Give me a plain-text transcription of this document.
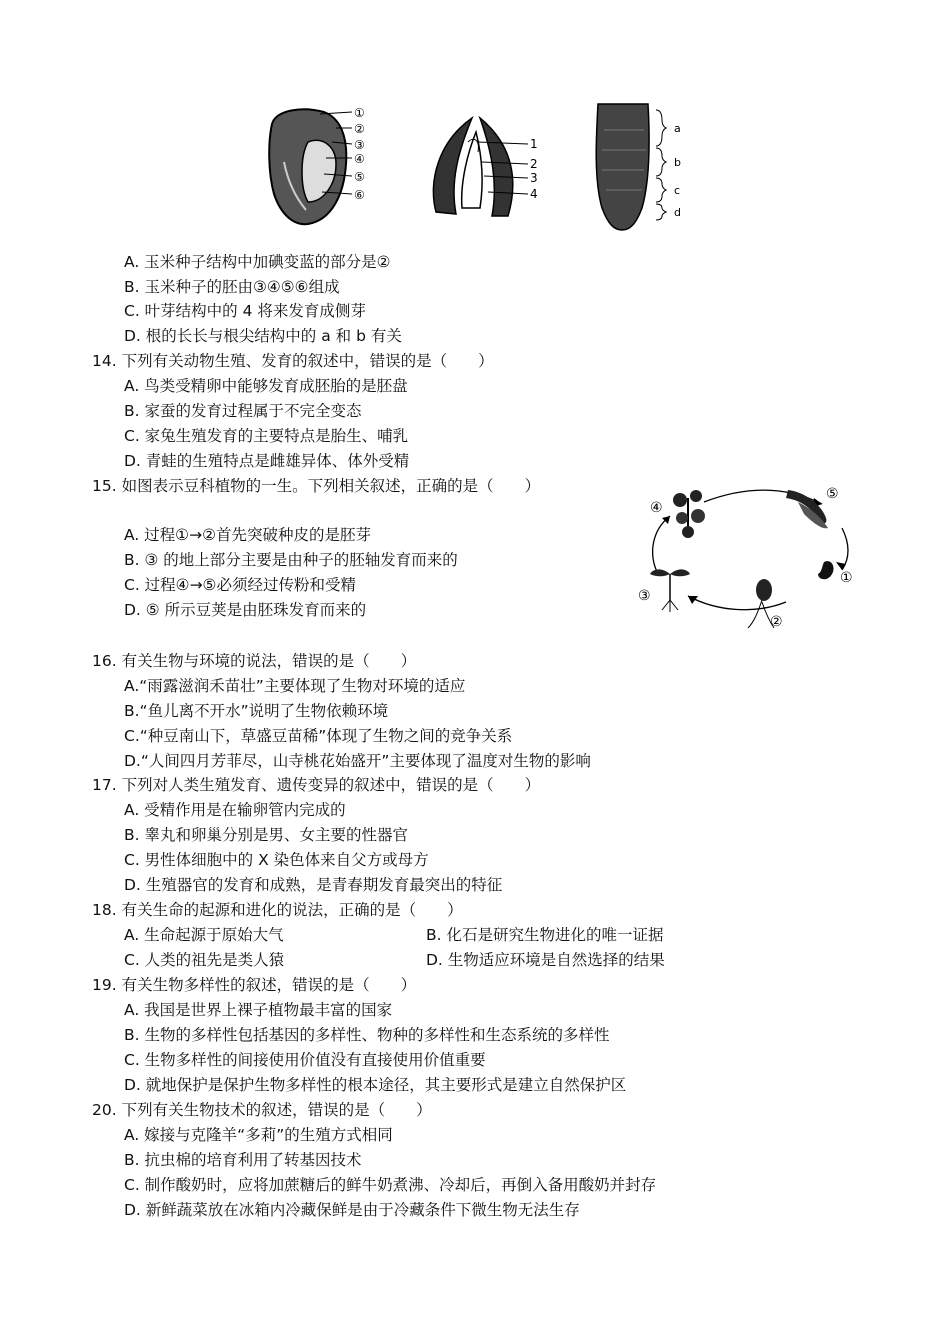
①
②
③
④
⑤
⑥
1
2
3
4
a
b
c
d
④
⑤
①
②
③
A. 玉米种子结构中加碘变蓝的部分是②
B. 玉米种子的胚由③④⑤⑥组成
C. 叶芽结构中的 4 将来发育成侧芽
D. 根的长长与根尖结构中的 a 和 b 有关
14. 下列有关动物生殖、发育的叙述中，错误的是（　　）
A. 鸟类受精卵中能够发育成胚胎的是胚盘
B. 家蚕的发育过程属于不完全变态
C. 家兔生殖发育的主要特点是胎生、哺乳
D. 青蛙的生殖特点是雌雄异体、体外受精
15. 如图表示豆科植物的一生。下列相关叙述，正确的是（　　）
A. 过程①→②首先突破种皮的是胚芽
B. ③ 的地上部分主要是由种子的胚轴发育而来的
C. 过程④→⑤必须经过传粉和受精
D. ⑤ 所示豆荚是由胚珠发育而来的
16. 有关生物与环境的说法，错误的是（　　）
A.“雨露滋润禾苗壮”主要体现了生物对环境的适应
B.“鱼儿离不开水”说明了生物依赖环境
C.“种豆南山下，草盛豆苗稀”体现了生物之间的竞争关系
D.“人间四月芳菲尽，山寺桃花始盛开”主要体现了温度对生物的影响
17. 下列对人类生殖发育、遗传变异的叙述中，错误的是（　　）
A. 受精作用是在输卵管内完成的
B. 睾丸和卵巢分别是男、女主要的性器官
C. 男性体细胞中的 X 染色体来自父方或母方
D. 生殖器官的发育和成熟，是青春期发育最突出的特征
18. 有关生命的起源和进化的说法，正确的是（　　）
A. 生命起源于原始大气	B. 化石是研究生物进化的唯一证据
C. 人类的祖先是类人猿	D. 生物适应环境是自然选择的结果
19. 有关生物多样性的叙述，错误的是（　　）
A. 我国是世界上裸子植物最丰富的国家
B. 生物的多样性包括基因的多样性、物种的多样性和生态系统的多样性
C. 生物多样性的间接使用价值没有直接使用价值重要
D. 就地保护是保护生物多样性的根本途径，其主要形式是建立自然保护区
20. 下列有关生物技术的叙述，错误的是（　　）
A. 嫁接与克隆羊“多莉”的生殖方式相同
B. 抗虫棉的培育利用了转基因技术
C. 制作酸奶时，应将加蔗糖后的鲜牛奶煮沸、冷却后，再倒入备用酸奶并封存
D. 新鲜蔬菜放在冰箱内冷藏保鲜是由于冷藏条件下微生物无法生存
